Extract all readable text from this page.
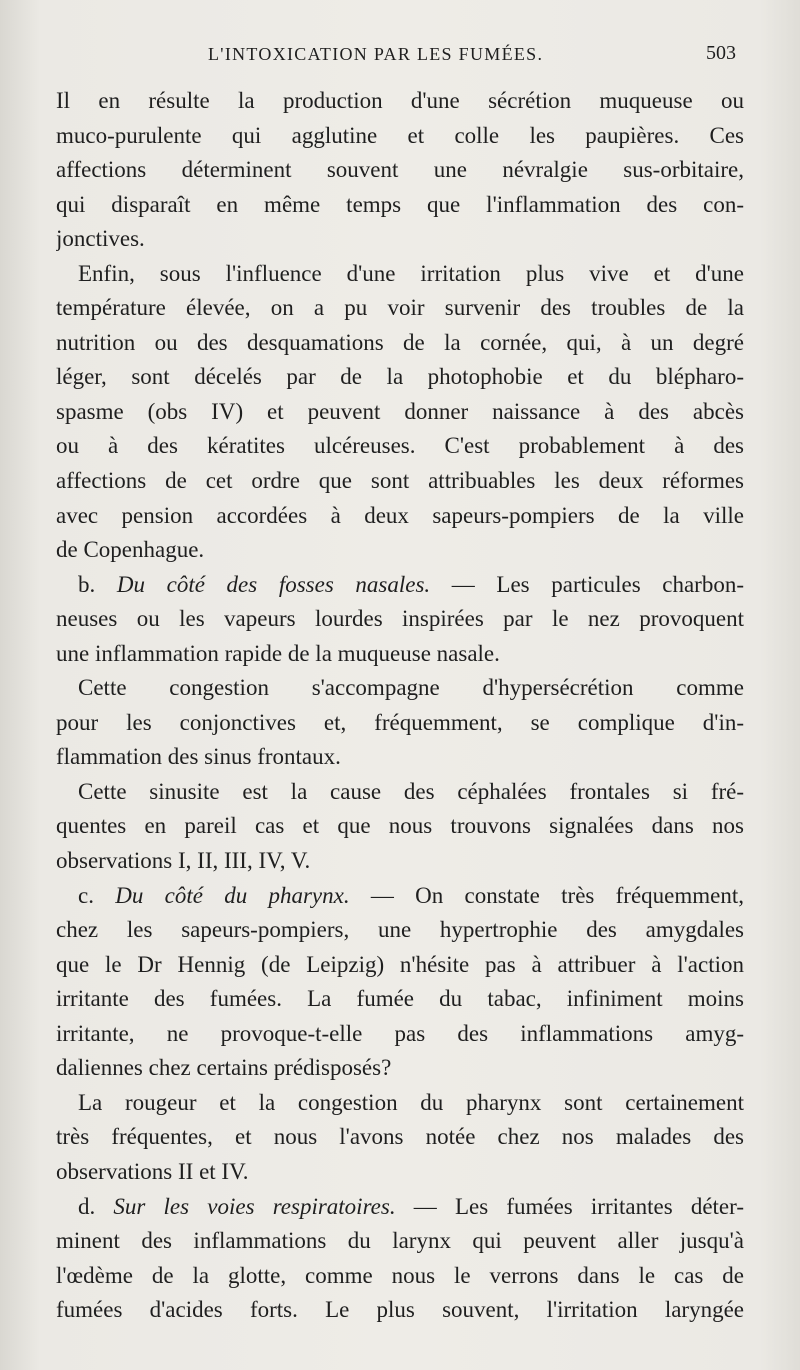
L'INTOXICATION PAR LES FUMÉES.	503
Il en résulte la production d'une sécrétion muqueuse ou
muco-purulente qui agglutine et colle les paupières. Ces
affections déterminent souvent une névralgie sus-orbitaire,
qui disparaît en même temps que l'inflammation des con-
jonctives.
Enfin, sous l'influence d'une irritation plus vive et d'une
température élevée, on a pu voir survenir des troubles de la
nutrition ou des desquamations de la cornée, qui, à un degré
léger, sont décelés par de la photophobie et du blépharo-
spasme (obs IV) et peuvent donner naissance à des abcès
ou à des kératites ulcéreuses. C'est probablement à des
affections de cet ordre que sont attribuables les deux réformes
avec pension accordées à deux sapeurs-pompiers de la ville
de Copenhague.
b. Du côté des fosses nasales. — Les particules charbon-
neuses ou les vapeurs lourdes inspirées par le nez provoquent
une inflammation rapide de la muqueuse nasale.
Cette congestion s'accompagne d'hypersécrétion comme
pour les conjonctives et, fréquemment, se complique d'in-
flammation des sinus frontaux.
Cette sinusite est la cause des céphalées frontales si fré-
quentes en pareil cas et que nous trouvons signalées dans nos
observations I, II, III, IV, V.
c. Du côté du pharynx. — On constate très fréquemment,
chez les sapeurs-pompiers, une hypertrophie des amygdales
que le Dr Hennig (de Leipzig) n'hésite pas à attribuer à l'action
irritante des fumées. La fumée du tabac, infiniment moins
irritante, ne provoque-t-elle pas des inflammations amyg-
daliennes chez certains prédisposés?
La rougeur et la congestion du pharynx sont certainement
très fréquentes, et nous l'avons notée chez nos malades des
observations II et IV.
d. Sur les voies respiratoires. — Les fumées irritantes déter-
minent des inflammations du larynx qui peuvent aller jusqu'à
l'œdème de la glotte, comme nous le verrons dans le cas de
fumées d'acides forts. Le plus souvent, l'irritation laryngée
